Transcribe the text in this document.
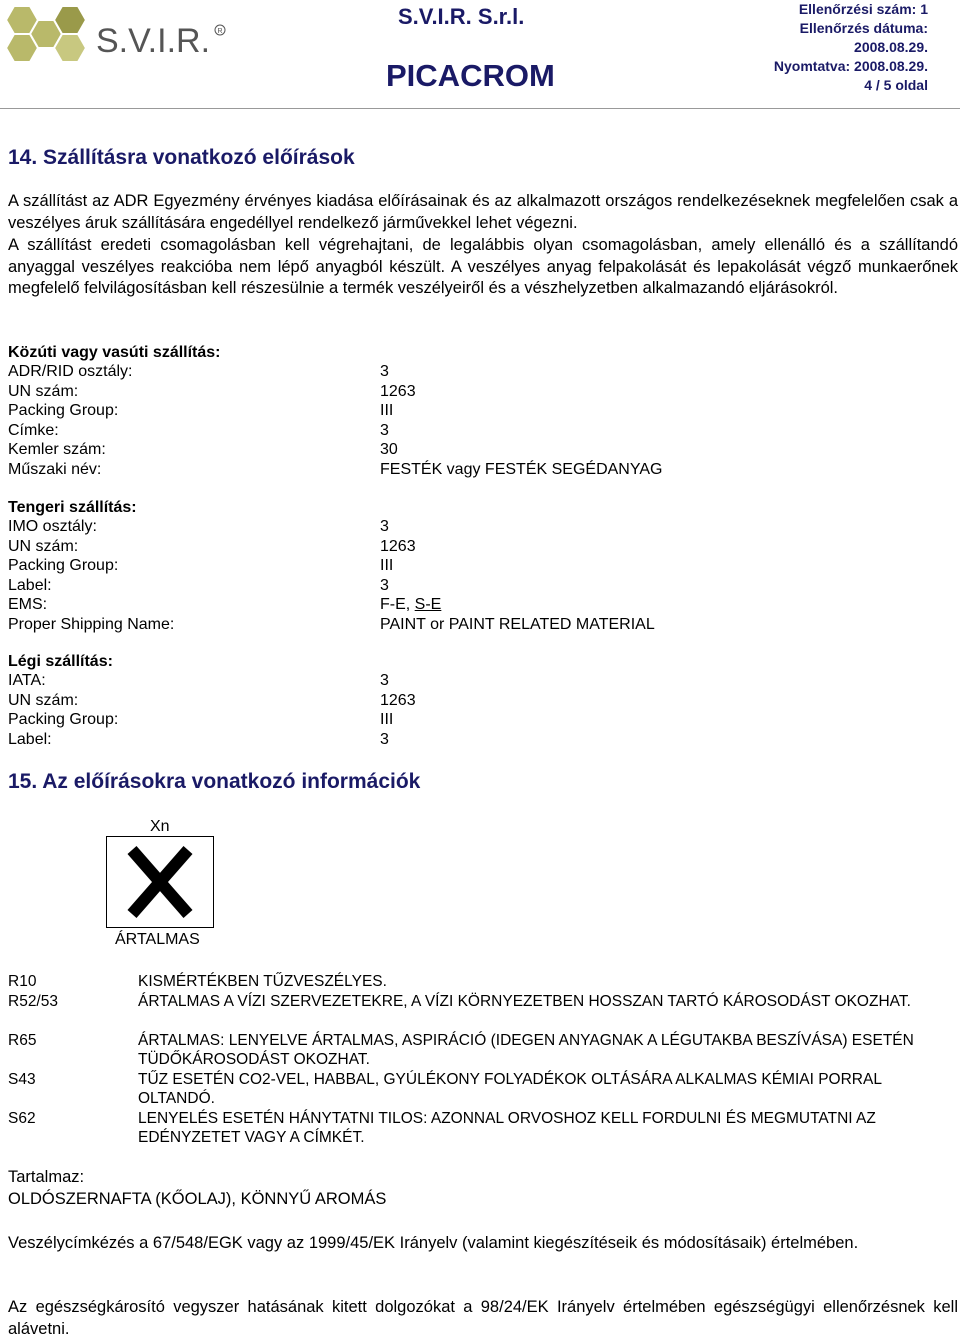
S.V.I.R. R
S.V.I.R. S.r.l.
PICACROM
Ellenőrzési szám: 1
Ellenőrzés dátuma:
2008.08.29.
Nyomtatva: 2008.08.29.
4 / 5 oldal
14. Szállításra vonatkozó előírások
A szállítást az ADR Egyezmény érvényes kiadása előírásainak és az alkalmazott országos rendelkezéseknek megfelelően csak a veszélyes áruk szállítására engedéllyel rendelkező járművekkel lehet végezni.
A szállítást eredeti csomagolásban kell végrehajtani, de legalábbis olyan csomagolásban, amely ellenálló és a szállítandó anyaggal veszélyes reakcióba nem lépő anyagból készült. A veszélyes anyag felpakolását és lepakolását végző munkaerőnek megfelelő felvilágosításban kell részesülnie a termék veszélyeiről és a vészhelyzetben alkalmazandó eljárásokról.
Közúti vagy vasúti szállítás:
ADR/RID osztály:	3
UN szám:	1263
Packing Group:	III
Címke:	3
Kemler szám:	30
Műszaki név:	FESTÉK vagy FESTÉK SEGÉDANYAG
Tengeri szállítás:
IMO osztály:	3
UN szám:	1263
Packing Group:	III
Label:	3
EMS:	F-E, S-E
Proper Shipping Name:	PAINT or PAINT RELATED MATERIAL
Légi szállítás:
IATA:	3
UN szám:	1263
Packing Group:	III
Label:	3
15. Az előírásokra vonatkozó információk
Xn
ÁRTALMAS
R10	KISMÉRTÉKBEN TŰZVESZÉLYES.
R52/53	ÁRTALMAS A VÍZI SZERVEZETEKRE, A VÍZI KÖRNYEZETBEN HOSSZAN TARTÓ KÁROSODÁST OKOZHAT.
R65	ÁRTALMAS: LENYELVE ÁRTALMAS, ASPIRÁCIÓ (IDEGEN ANYAGNAK A LÉGUTAKBA BESZÍVÁSA) ESETÉN TÜDŐKÁROSODÁST OKOZHAT.
S43	TŰZ ESETÉN CO2-VEL, HABBAL, GYÚLÉKONY FOLYADÉKOK OLTÁSÁRA ALKALMAS KÉMIAI PORRAL OLTANDÓ.
S62	LENYELÉS ESETÉN HÁNYTATNI TILOS: AZONNAL ORVOSHOZ KELL FORDULNI ÉS MEGMUTATNI AZ EDÉNYZETET VAGY A CÍMKÉT.
Tartalmaz:
OLDÓSZERNAFTA (KŐOLAJ), KÖNNYŰ AROMÁS
Veszélycímkézés a 67/548/EGK vagy az 1999/45/EK Irányelv (valamint kiegészítéseik és módosításaik) értelmében.
Az egészségkárosító vegyszer hatásának kitett dolgozókat a 98/24/EK Irányelv értelmében egészségügyi ellenőrzésnek kell alávetni.
